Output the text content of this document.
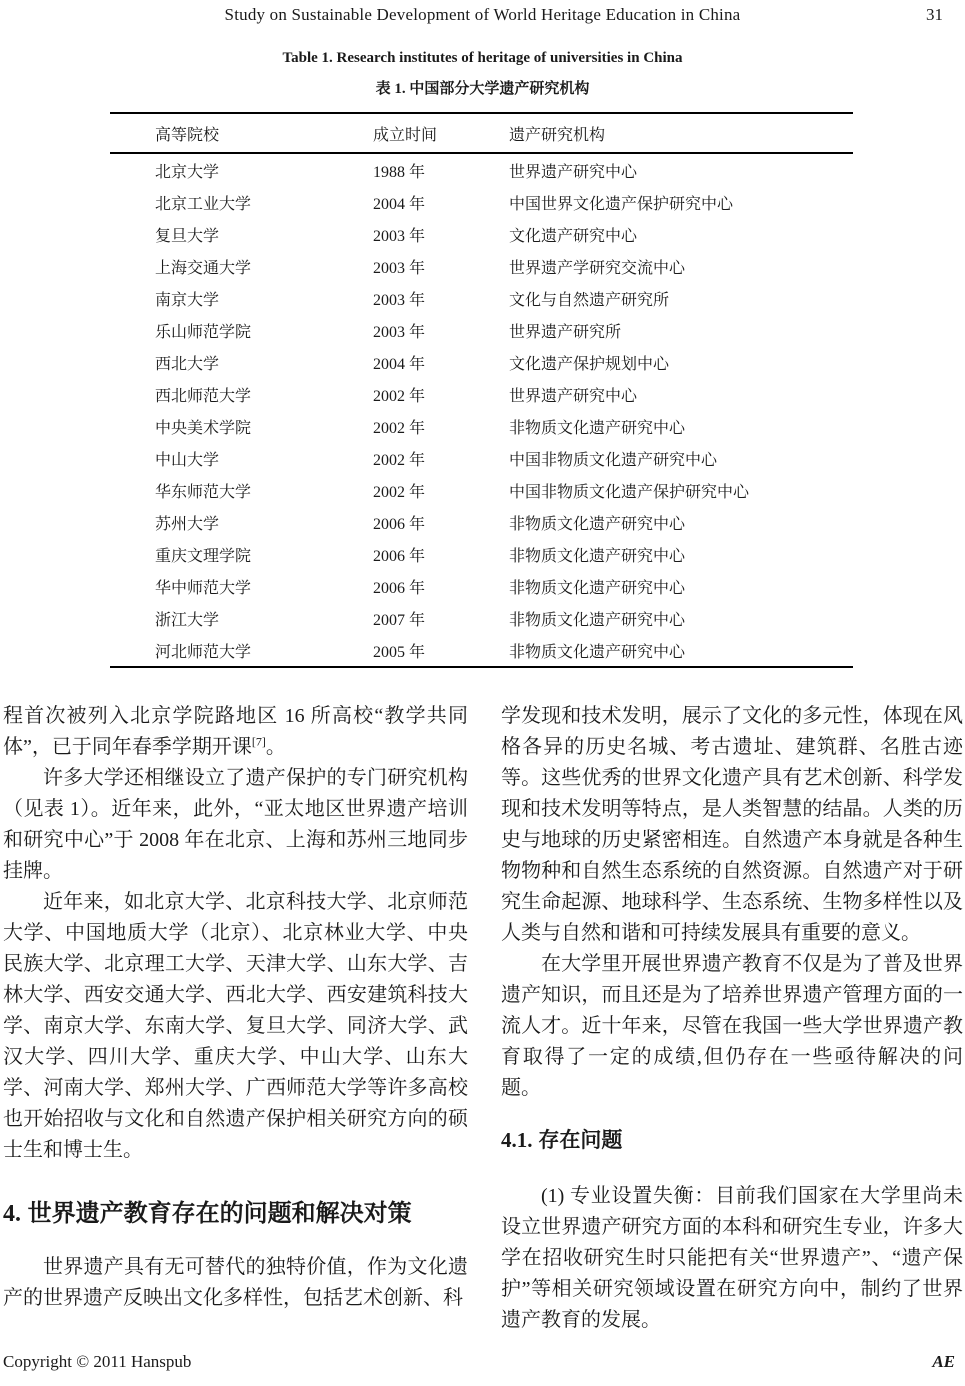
Study on Sustainable Development of World Heritage Education in China	31
Table 1. Research institutes of heritage of universities in China
表 1. 中国部分大学遗产研究机构
高等院校	成立时间	遗产研究机构
北京大学	1988 年	世界遗产研究中心
北京工业大学	2004 年	中国世界文化遗产保护研究中心
复旦大学	2003 年	文化遗产研究中心
上海交通大学	2003 年	世界遗产学研究交流中心
南京大学	2003 年	文化与自然遗产研究所
乐山师范学院	2003 年	世界遗产研究所
西北大学	2004 年	文化遗产保护规划中心
西北师范大学	2002 年	世界遗产研究中心
中央美术学院	2002 年	非物质文化遗产研究中心
中山大学	2002 年	中国非物质文化遗产研究中心
华东师范大学	2002 年	中国非物质文化遗产保护研究中心
苏州大学	2006 年	非物质文化遗产研究中心
重庆文理学院	2006 年	非物质文化遗产研究中心
华中师范大学	2006 年	非物质文化遗产研究中心
浙江大学	2007 年	非物质文化遗产研究中心
河北师范大学	2005 年	非物质文化遗产研究中心

程首次被列入北京学院路地区 16 所高校“教学共同体”，已于同年春季学期开课[7]。

许多大学还相继设立了遗产保护的专门研究机构（见表 1）。近年来，此外，“亚太地区世界遗产培训和研究中心”于 2008 年在北京、上海和苏州三地同步挂牌。

近年来，如北京大学、北京科技大学、北京师范大学、中国地质大学（北京）、北京林业大学、中央民族大学、北京理工大学、天津大学、山东大学、吉林大学、西安交通大学、西北大学、西安建筑科技大学、南京大学、东南大学、复旦大学、同济大学、武汉大学、四川大学、重庆大学、中山大学、山东大学、河南大学、郑州大学、广西师范大学等许多高校也开始招收与文化和自然遗产保护相关研究方向的硕士生和博士生。

4. 世界遗产教育存在的问题和解决对策

世界遗产具有无可替代的独特价值，作为文化遗产的世界遗产反映出文化多样性，包括艺术创新、科

学发现和技术发明，展示了文化的多元性，体现在风格各异的历史名城、考古遗址、建筑群、名胜古迹等。这些优秀的世界文化遗产具有艺术创新、科学发现和技术发明等特点，是人类智慧的结晶。人类的历史与地球的历史紧密相连。自然遗产本身就是各种生物物种和自然生态系统的自然资源。自然遗产对于研究生命起源、地球科学、生态系统、生物多样性以及人类与自然和谐和可持续发展具有重要的意义。

在大学里开展世界遗产教育不仅是为了普及世界遗产知识，而且还是为了培养世界遗产管理方面的一流人才。近十年来，尽管在我国一些大学世界遗产教育取得了一定的成绩,但仍存在一些亟待解决的问题。

4.1. 存在问题

(1) 专业设置失衡：目前我们国家在大学里尚未设立世界遗产研究方面的本科和研究生专业，许多大学在招收研究生时只能把有关“世界遗产”、“遗产保护”等相关研究领域设置在研究方向中，制约了世界遗产教育的发展。

Copyright © 2011 Hanspub	AE
